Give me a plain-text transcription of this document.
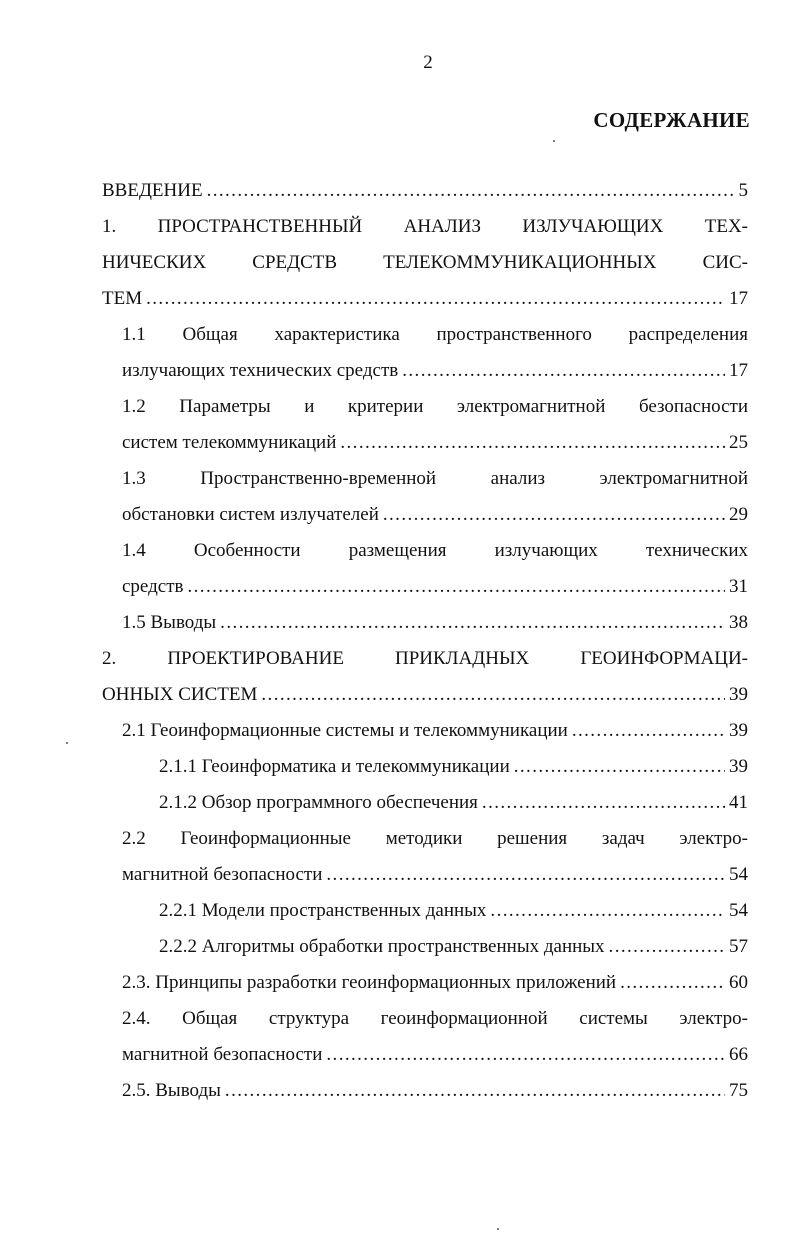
2
СОДЕРЖАНИЕ
ВВЕДЕНИЕ .....	5
1. ПРОСТРАНСТВЕННЫЙ АНАЛИЗ ИЗЛУЧАЮЩИХ ТЕХ-
НИЧЕСКИХ СРЕДСТВ ТЕЛЕКОММУНИКАЦИОННЫХ СИС-
ТЕМ .....	17
1.1 Общая характеристика пространственного распределения
излучающих технических средств .....	17
1.2 Параметры и критерии электромагнитной безопасности
систем телекоммуникаций .....	25
1.3 Пространственно-временной анализ электромагнитной
обстановки систем излучателей .....	29
1.4 Особенности размещения излучающих технических
средств .....	31
1.5 Выводы .....	38
2. ПРОЕКТИРОВАНИЕ ПРИКЛАДНЫХ ГЕОИНФОРМАЦИ-
ОННЫХ СИСТЕМ .....	39
2.1 Геоинформационные системы и телекоммуникации .....	39
2.1.1 Геоинформатика и телекоммуникации .....	39
2.1.2 Обзор программного обеспечения .....	41
2.2 Геоинформационные методики решения задач электро-
магнитной безопасности .....	54
2.2.1 Модели пространственных данных .....	54
2.2.2 Алгоритмы обработки пространственных данных .....	57
2.3. Принципы разработки геоинформационных приложений .....	60
2.4. Общая структура геоинформационной системы электро-
магнитной безопасности .....	66
2.5. Выводы .....	75
